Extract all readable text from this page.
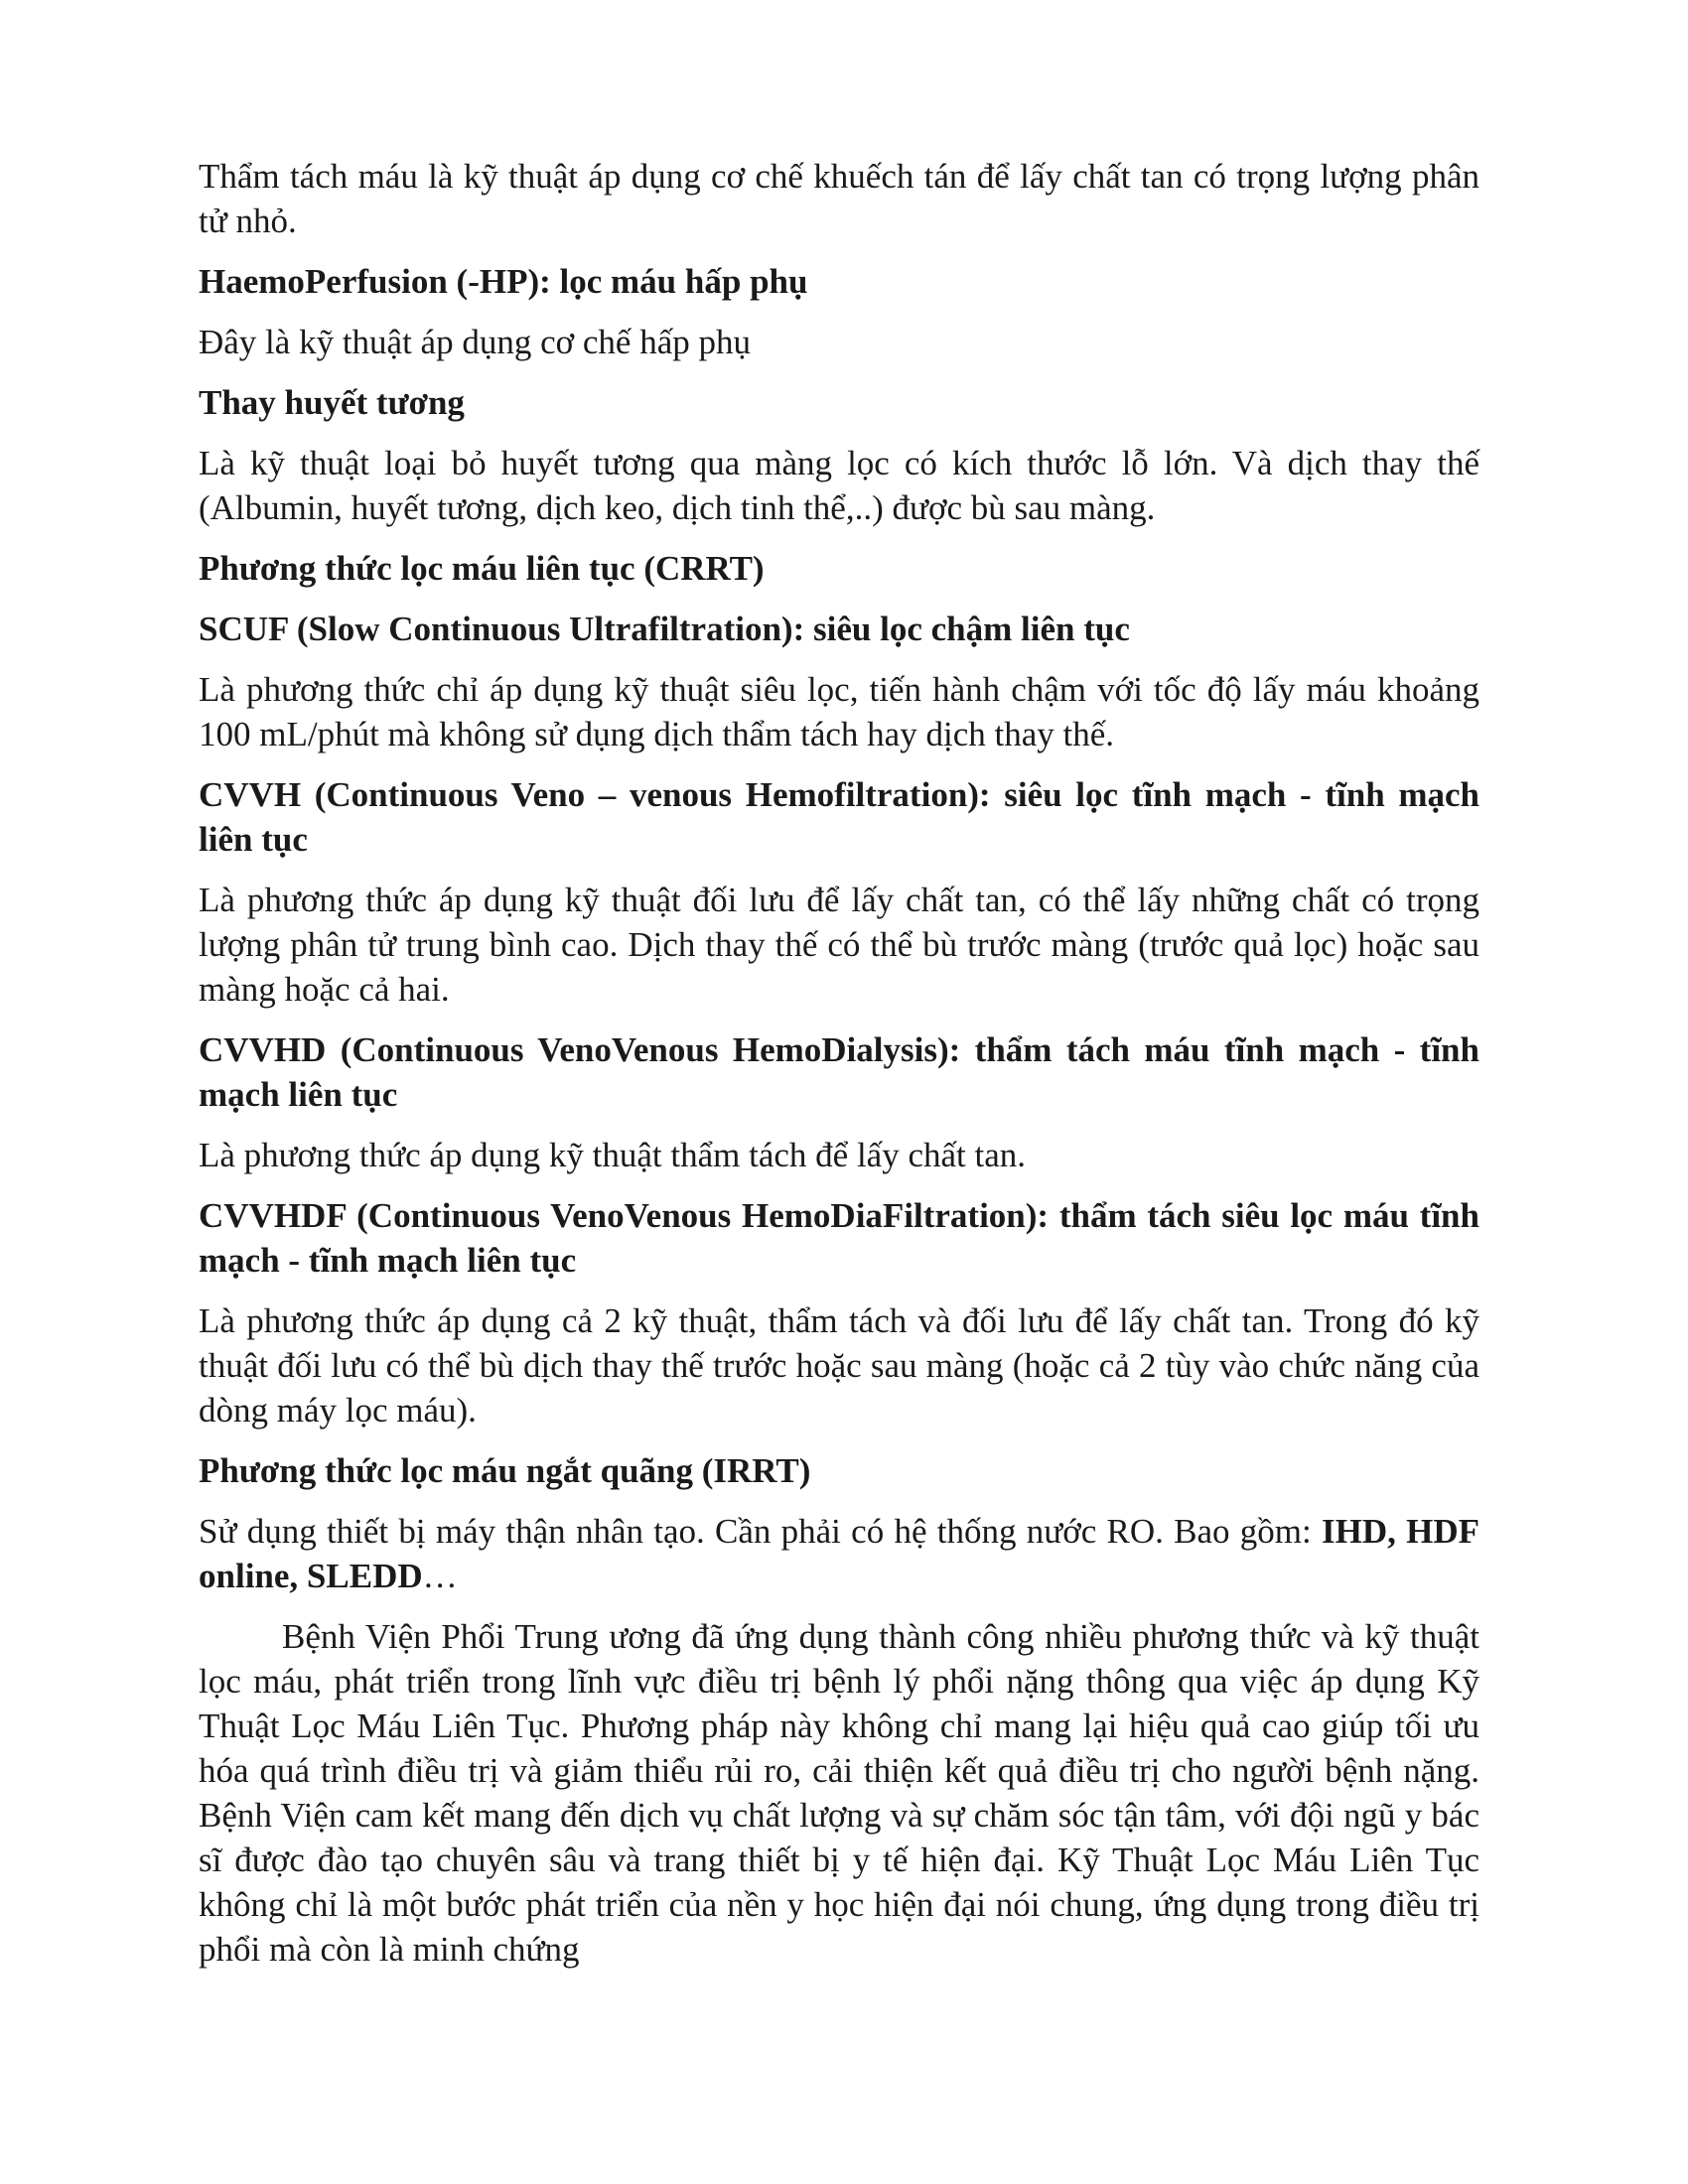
Thẩm tách máu là kỹ thuật áp dụng cơ chế khuếch tán để lấy chất tan có trọng lượng phân tử nhỏ.

HaemoPerfusion (-HP): lọc máu hấp phụ

Đây là kỹ thuật áp dụng cơ chế hấp phụ

Thay huyết tương

Là kỹ thuật loại bỏ huyết tương qua màng lọc có kích thước lỗ lớn. Và dịch thay thế (Albumin, huyết tương, dịch keo, dịch tinh thể,..) được bù sau màng.

Phương thức lọc máu liên tục (CRRT)

SCUF (Slow Continuous Ultrafiltration): siêu lọc chậm liên tục

Là phương thức chỉ áp dụng kỹ thuật siêu lọc, tiến hành chậm với tốc độ lấy máu khoảng 100 mL/phút mà không sử dụng dịch thẩm tách hay dịch thay thế.

CVVH (Continuous Veno – venous Hemofiltration): siêu lọc tĩnh mạch - tĩnh mạch liên tục

Là phương thức áp dụng kỹ thuật đối lưu để lấy chất tan, có thể lấy những chất có trọng lượng phân tử trung bình cao. Dịch thay thế có thể bù trước màng (trước quả lọc) hoặc sau màng hoặc cả hai.

CVVHD (Continuous VenoVenous HemoDialysis): thẩm tách máu tĩnh mạch - tĩnh mạch liên tục

Là phương thức áp dụng kỹ thuật thẩm tách để lấy chất tan.

CVVHDF (Continuous VenoVenous HemoDiaFiltration): thẩm tách siêu lọc máu tĩnh mạch - tĩnh mạch liên tục

Là phương thức áp dụng cả 2 kỹ thuật, thẩm tách và đối lưu để lấy chất tan. Trong đó kỹ thuật đối lưu có thể bù dịch thay thế trước hoặc sau màng (hoặc cả 2 tùy vào chức năng của dòng máy lọc máu).

Phương thức lọc máu ngắt quãng (IRRT)

Sử dụng thiết bị máy thận nhân tạo. Cần phải có hệ thống nước RO. Bao gồm: IHD, HDF online, SLEDD…

Bệnh Viện Phổi Trung ương đã ứng dụng thành công nhiều phương thức và kỹ thuật lọc máu, phát triển trong lĩnh vực điều trị bệnh lý phổi nặng thông qua việc áp dụng Kỹ Thuật Lọc Máu Liên Tục. Phương pháp này không chỉ mang lại hiệu quả cao giúp tối ưu hóa quá trình điều trị và giảm thiểu rủi ro, cải thiện kết quả điều trị cho người bệnh nặng. Bệnh Viện cam kết mang đến dịch vụ chất lượng và sự chăm sóc tận tâm, với đội ngũ y bác sĩ được đào tạo chuyên sâu và trang thiết bị y tế hiện đại. Kỹ Thuật Lọc Máu Liên Tục không chỉ là một bước phát triển của nền y học hiện đại nói chung, ứng dụng trong điều trị phổi mà còn là minh chứng
